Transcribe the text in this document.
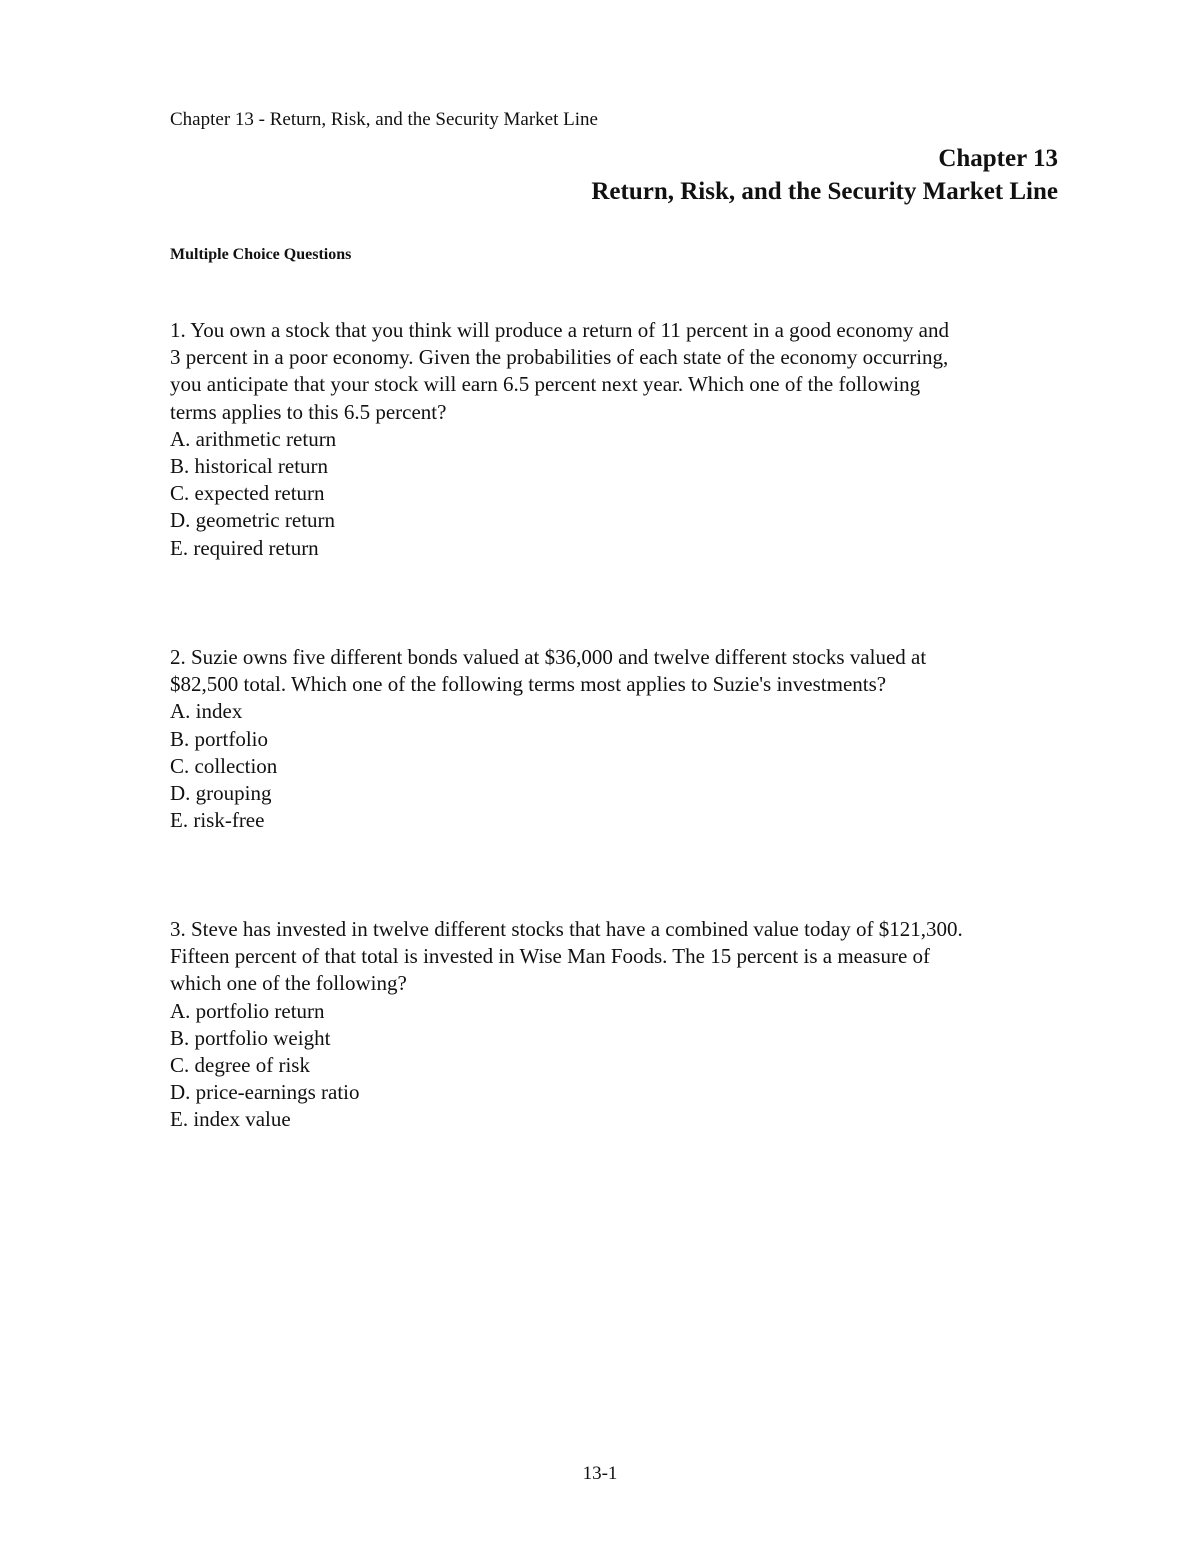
Chapter 13 - Return, Risk, and the Security Market Line
Chapter 13
Return, Risk, and the Security Market Line
Multiple Choice Questions
1. You own a stock that you think will produce a return of 11 percent in a good economy and
3 percent in a poor economy. Given the probabilities of each state of the economy occurring,
you anticipate that your stock will earn 6.5 percent next year. Which one of the following
terms applies to this 6.5 percent?
A. arithmetic return
B. historical return
C. expected return
D. geometric return
E. required return
2. Suzie owns five different bonds valued at $36,000 and twelve different stocks valued at
$82,500 total. Which one of the following terms most applies to Suzie's investments?
A. index
B. portfolio
C. collection
D. grouping
E. risk-free
3. Steve has invested in twelve different stocks that have a combined value today of $121,300.
Fifteen percent of that total is invested in Wise Man Foods. The 15 percent is a measure of
which one of the following?
A. portfolio return
B. portfolio weight
C. degree of risk
D. price-earnings ratio
E. index value
13-1
